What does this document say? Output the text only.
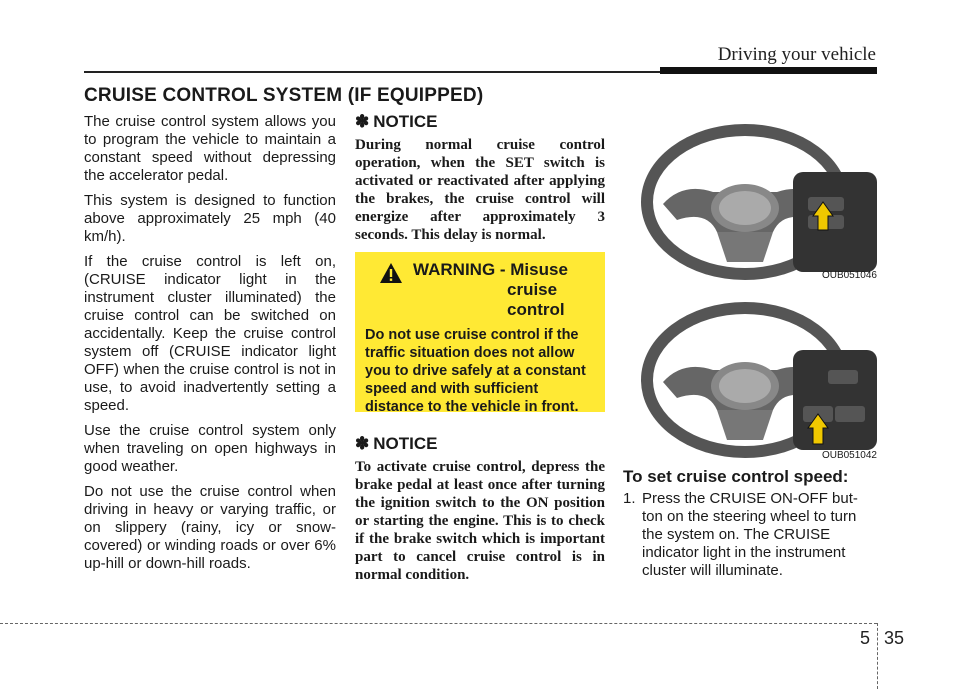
Driving your vehicle
CRUISE CONTROL SYSTEM (IF EQUIPPED)

The cruise control system allows you to program the vehicle to maintain a constant speed without depressing the accelerator pedal.

This system is designed to function above approximately 25 mph (40 km/h).

If the cruise control is left on, (CRUISE indicator light in the instrument cluster illuminated) the cruise control can be switched on accidentally. Keep the cruise control system off (CRUISE indicator light OFF) when the cruise control is not in use, to avoid inadvertently setting a speed.

Use the cruise control system only when traveling on open highways in good weather.

Do not use the cruise control when driving in heavy or varying traffic, or on slippery (rainy, icy or snow-covered) or winding roads or over 6% up-hill or down-hill roads.

✽ NOTICE
During normal cruise control operation, when the SET switch is activated or reactivated after applying the brakes, the cruise control will energize after approximately 3 seconds. This delay is normal.
WARNING - Misuse
cruise
control
Do not use cruise control if the traffic situation does not allow you to drive safely at a constant speed and with sufficient distance to the vehicle in front.
✽ NOTICE
To activate cruise control, depress the brake pedal at least once after turning the ignition switch to the ON position or starting the engine. This is to check if the brake switch which is important part to cancel cruise control is in normal condition.
OUB051046
OUB051042
To set cruise control speed:
1. Press the CRUISE ON-OFF but-
ton on the steering wheel to turn the system on. The CRUISE indicator light in the instrument cluster will illuminate.
5 35
